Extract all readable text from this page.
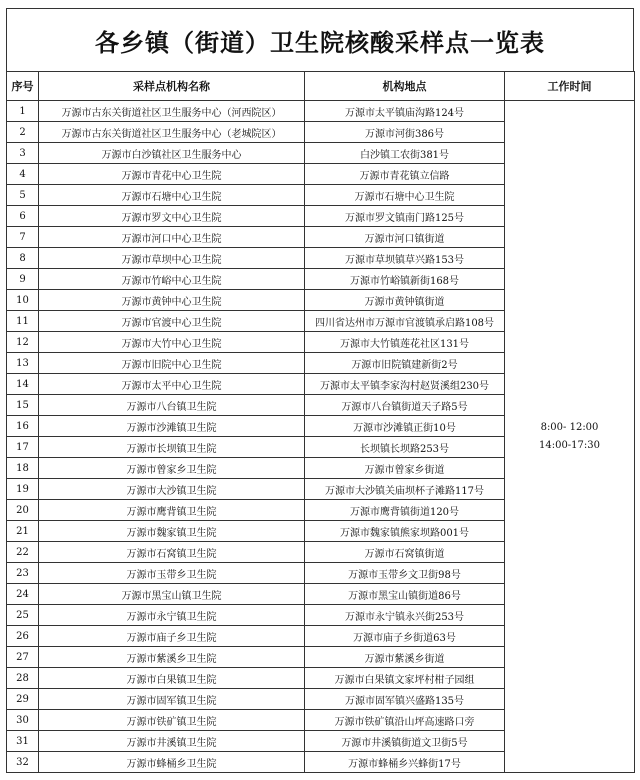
各乡镇（街道）卫生院核酸采样点一览表
序号	采样点机构名称	机构地点	工作时间
1	万源市古东关街道社区卫生服务中心（河西院区）	万源市太平镇庙沟路124号	8:00- 12:00
14:00-17:30

2	万源市古东关街道社区卫生服务中心（老城院区）	万源市河街386号	
3	万源市白沙镇社区卫生服务中心	白沙镇工农街381号	
4	万源市青花中心卫生院	万源市青花镇立信路	
5	万源市石塘中心卫生院	万源市石塘中心卫生院	
6	万源市罗文中心卫生院	万源市罗文镇南门路125号	
7	万源市河口中心卫生院	万源市河口镇街道	
8	万源市草坝中心卫生院	万源市草坝镇草兴路153号	
9	万源市竹峪中心卫生院	万源市竹峪镇新街168号	
10	万源市黄钟中心卫生院	万源市黄钟镇街道	
11	万源市官渡中心卫生院	四川省达州市万源市官渡镇承启路108号	
12	万源市大竹中心卫生院	万源市大竹镇莲花社区131号	
13	万源市旧院中心卫生院	万源市旧院镇建新街2号	
14	万源市太平中心卫生院	万源市太平镇李家沟村赵贤溪组230号	
15	万源市八台镇卫生院	万源市八台镇街道天子路5号	
16	万源市沙滩镇卫生院	万源市沙滩镇正街10号	
17	万源市长坝镇卫生院	长坝镇长坝路253号	
18	万源市曾家乡卫生院	万源市曾家乡街道	
19	万源市大沙镇卫生院	万源市大沙镇关庙坝杯子滩路117号	
20	万源市鹰背镇卫生院	万源市鹰背镇街道120号	
21	万源市魏家镇卫生院	万源市魏家镇熊家坝路001号	
22	万源市石窝镇卫生院	万源市石窝镇街道	
23	万源市玉带乡卫生院	万源市玉带乡文卫街98号	
24	万源市黑宝山镇卫生院	万源市黑宝山镇街道86号	
25	万源市永宁镇卫生院	万源市永宁镇永兴街253号	
26	万源市庙子乡卫生院	万源市庙子乡街道63号	
27	万源市紫溪乡卫生院	万源市紫溪乡街道	
28	万源市白果镇卫生院	万源市白果镇文家坪村柑子园组	
29	万源市固军镇卫生院	万源市固军镇兴盛路135号	
30	万源市铁矿镇卫生院	万源市铁矿镇沿山坪高速路口旁	
31	万源市井溪镇卫生院	万源市井溪镇街道文卫街5号	
32	万源市蜂桶乡卫生院	万源市蜂桶乡兴蜂街17号	
